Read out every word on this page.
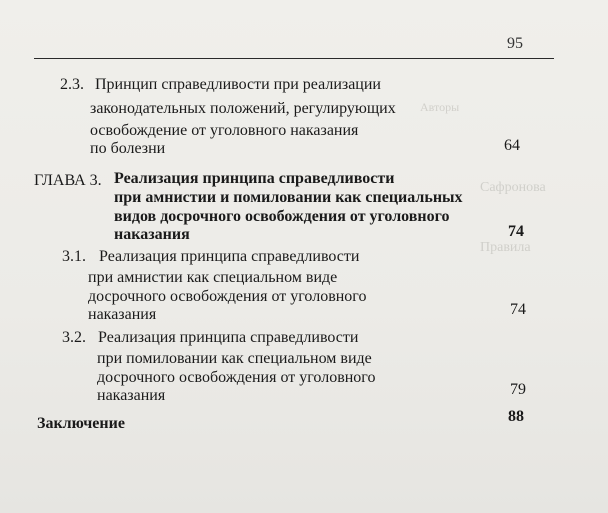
Авторы
Сафронова
Правила
95
2.3. Принцип справедливости при реализации
законодательных положений, регулирующих
освобождение от уголовного наказания
по болезни	64
ГЛАВА 3. Реализация принципа справедливости
при амнистии и помиловании как специальных
видов досрочного освобождения от уголовного
наказания	74
3.1. Реализация принципа справедливости
при амнистии как специальном виде
досрочного освобождения от уголовного
наказания	74
3.2. Реализация принципа справедливости
при помиловании как специальном виде
досрочного освобождения от уголовного
наказания	79
Заключение	88
